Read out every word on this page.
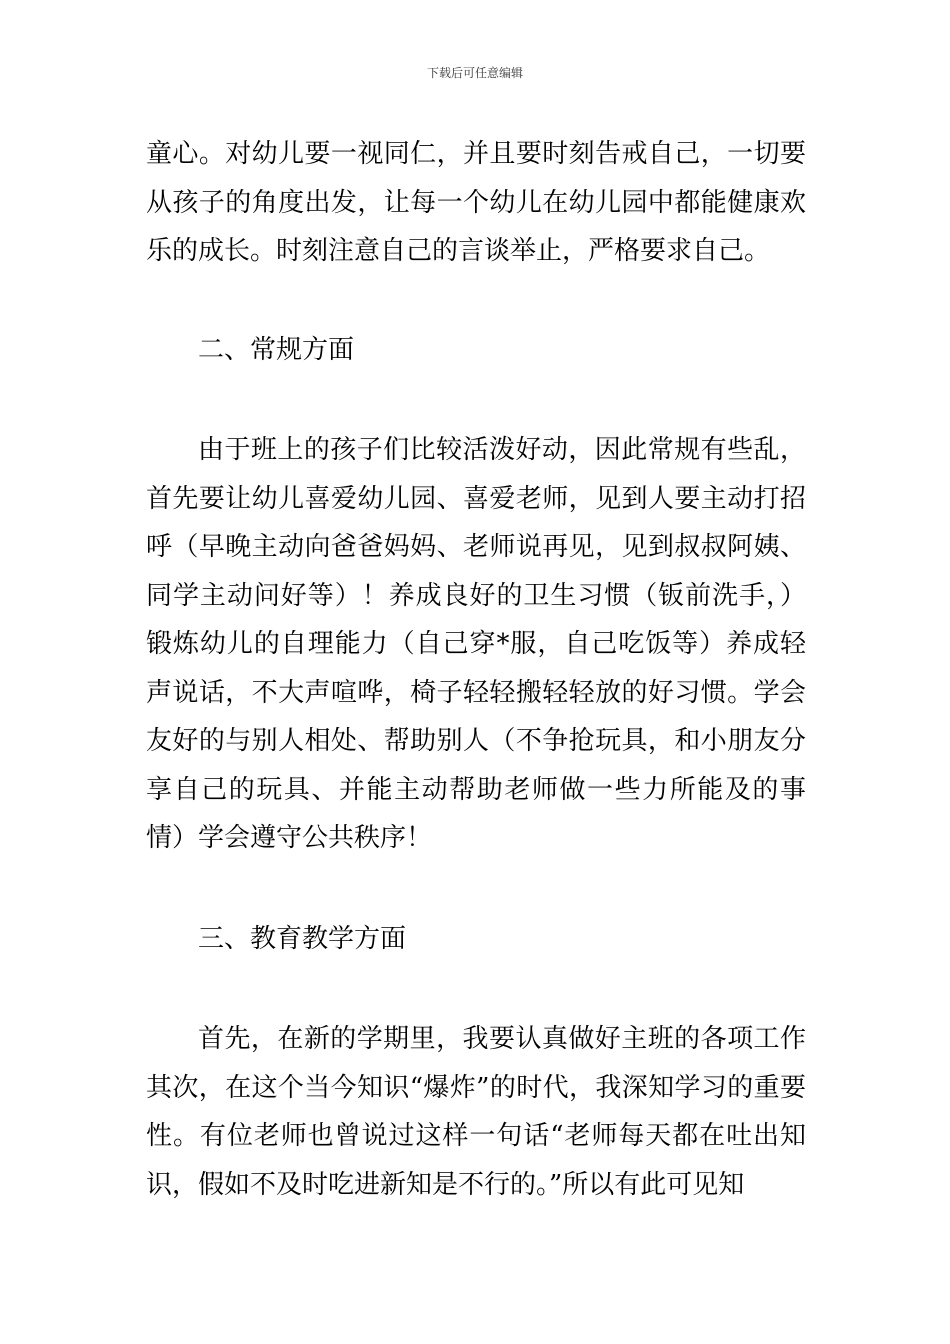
下载后可任意编辑

童心。对幼儿要一视同仁，并且要时刻告戒自己，一切要从孩子的角度出发，让每一个幼儿在幼儿园中都能健康欢乐的成长。时刻注意自己的言谈举止，严格要求自己。

二、常规方面

由于班上的孩子们比较活泼好动，因此常规有些乱，首先要让幼儿喜爱幼儿园、喜爱老师，见到人要主动打招呼（早晚主动向爸爸妈妈、老师说再见，见到叔叔阿姨、同学主动问好等）！养成良好的卫生习惯（钣前洗手，）锻炼幼儿的自理能力（自己穿*服，自己吃饭等）养成轻声说话，不大声喧哗，椅子轻轻搬轻轻放的好习惯。学会友好的与别人相处、帮助别人（不争抢玩具，和小朋友分享自己的玩具、并能主动帮助老师做一些力所能及的事情）学会遵守公共秩序！

三、教育教学方面

首先，在新的学期里，我要认真做好主班的各项工作其次，在这个当今知识“爆炸”的时代，我深知学习的重要性。有位老师也曾说过这样一句话“老师每天都在吐出知识，假如不及时吃进新知是不行的。”所以有此可见知
